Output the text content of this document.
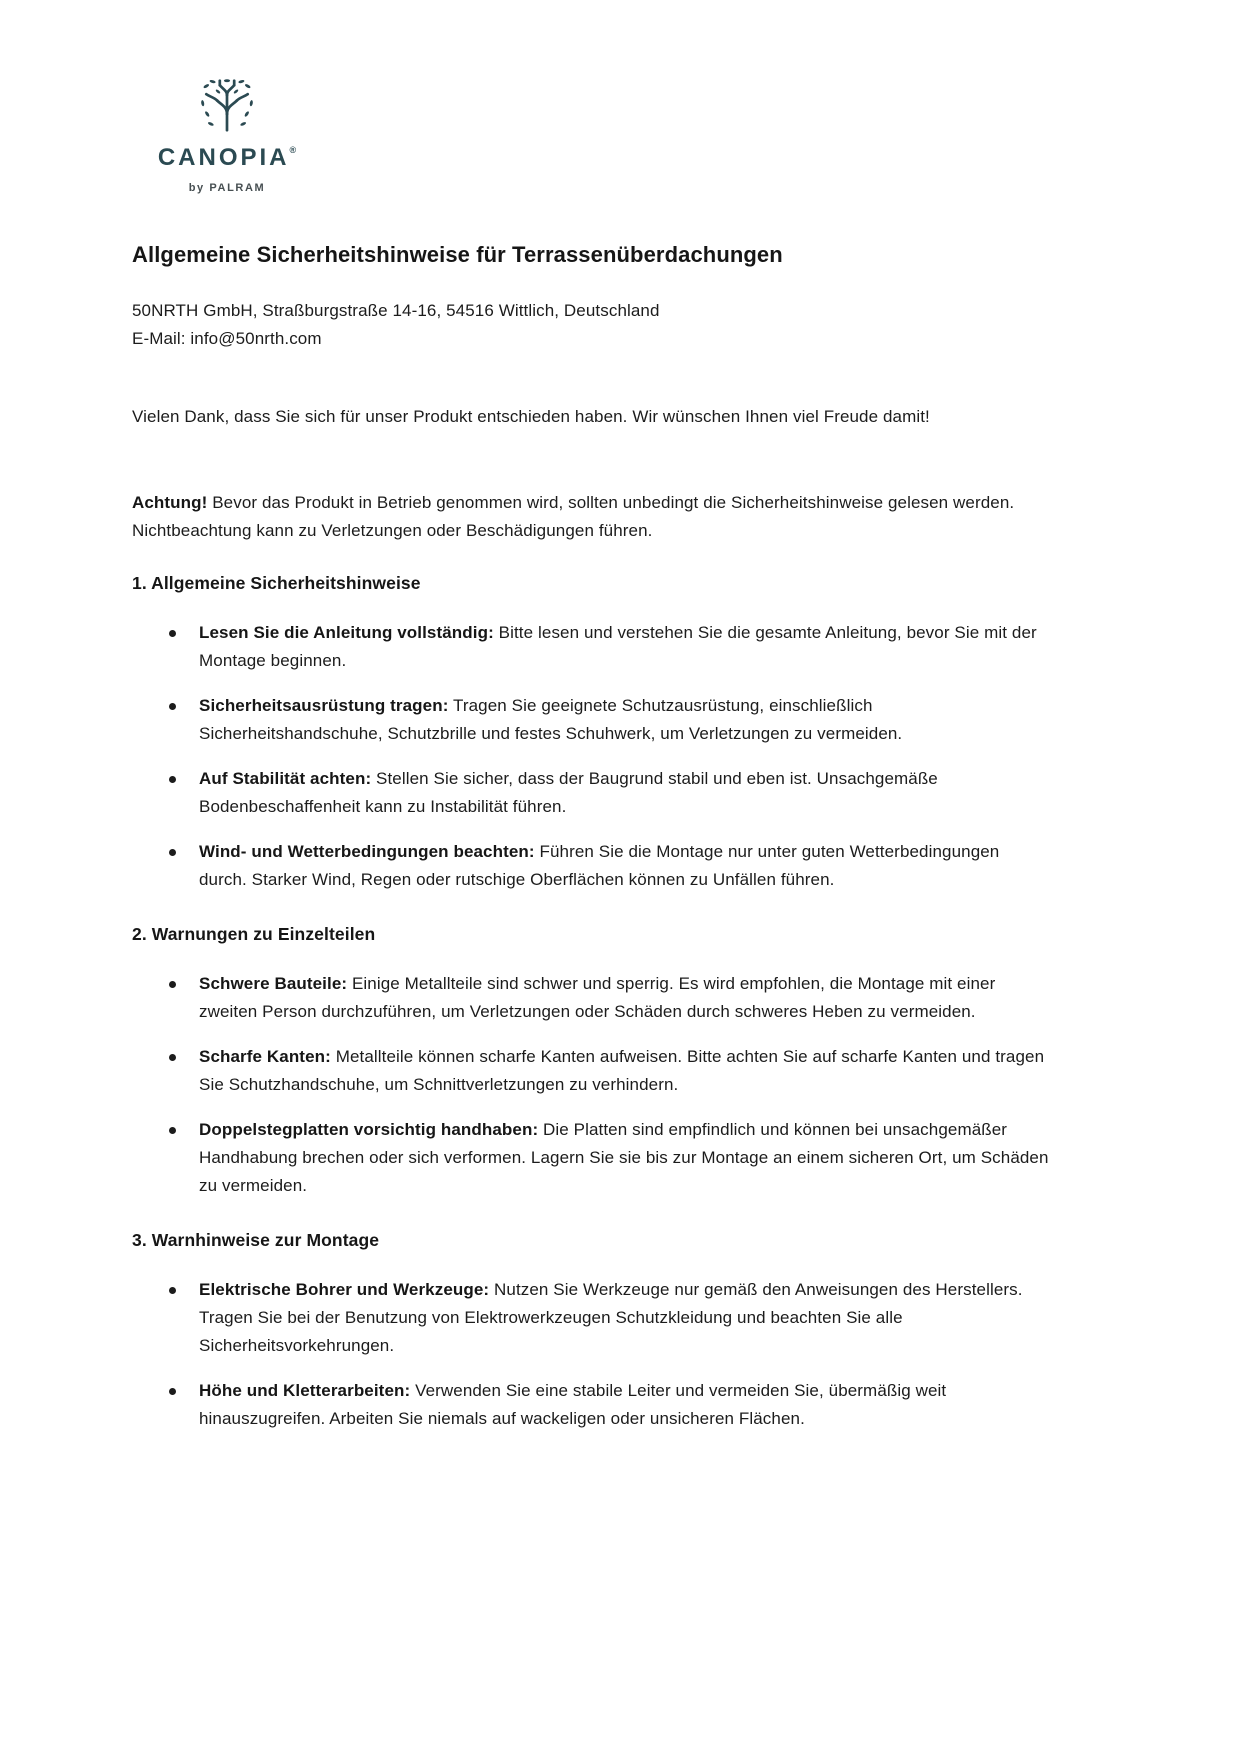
CANOPIA®
by PALRAM
Allgemeine Sicherheitshinweise für Terrassenüberdachungen

50NRTH GmbH, Straßburgstraße 14-16, 54516 Wittlich, Deutschland

E-Mail: info@50nrth.com

Vielen Dank, dass Sie sich für unser Produkt entschieden haben. Wir wünschen Ihnen viel Freude damit!

Achtung! Bevor das Produkt in Betrieb genommen wird, sollten unbedingt die Sicherheitshinweise gelesen werden. Nichtbeachtung kann zu Verletzungen oder Beschädigungen führen.

1. Allgemeine Sicherheitshinweise
Lesen Sie die Anleitung vollständig: Bitte lesen und verstehen Sie die gesamte Anleitung, bevor Sie mit der Montage beginnen.
Sicherheitsausrüstung tragen: Tragen Sie geeignete Schutzausrüstung, einschließlich Sicherheitshandschuhe, Schutzbrille und festes Schuhwerk, um Verletzungen zu vermeiden.
Auf Stabilität achten: Stellen Sie sicher, dass der Baugrund stabil und eben ist. Unsachgemäße Bodenbeschaffenheit kann zu Instabilität führen.
Wind- und Wetterbedingungen beachten: Führen Sie die Montage nur unter guten Wetterbedingungen durch. Starker Wind, Regen oder rutschige Oberflächen können zu Unfällen führen.
2. Warnungen zu Einzelteilen
Schwere Bauteile: Einige Metallteile sind schwer und sperrig. Es wird empfohlen, die Montage mit einer zweiten Person durchzuführen, um Verletzungen oder Schäden durch schweres Heben zu vermeiden.
Scharfe Kanten: Metallteile können scharfe Kanten aufweisen. Bitte achten Sie auf scharfe Kanten und tragen Sie Schutzhandschuhe, um Schnittverletzungen zu verhindern.
Doppelstegplatten vorsichtig handhaben: Die Platten sind empfindlich und können bei unsachgemäßer Handhabung brechen oder sich verformen. Lagern Sie sie bis zur Montage an einem sicheren Ort, um Schäden zu vermeiden.
3. Warnhinweise zur Montage
Elektrische Bohrer und Werkzeuge: Nutzen Sie Werkzeuge nur gemäß den Anweisungen des Herstellers. Tragen Sie bei der Benutzung von Elektrowerkzeugen Schutzkleidung und beachten Sie alle Sicherheitsvorkehrungen.
Höhe und Kletterarbeiten: Verwenden Sie eine stabile Leiter und vermeiden Sie, übermäßig weit hinauszugreifen. Arbeiten Sie niemals auf wackeligen oder unsicheren Flächen.
